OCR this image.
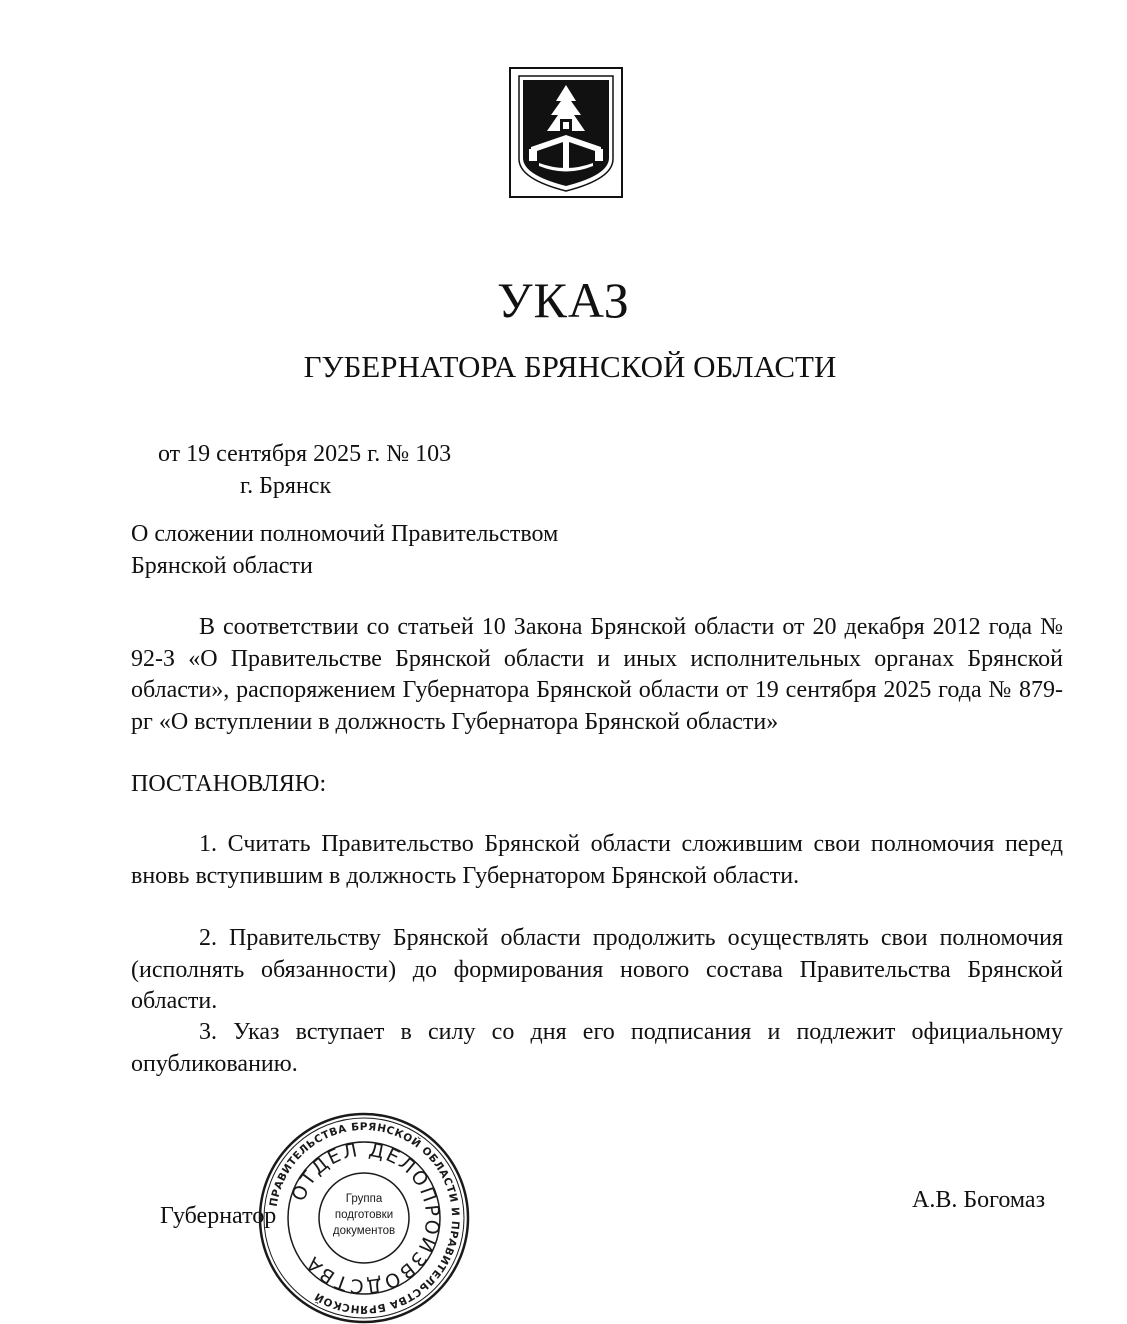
УКАЗ
ГУБЕРНАТОРА БРЯНСКОЙ ОБЛАСТИ
от 19 сентября 2025 г. № 103
г. Брянск
О сложении полномочий Правительством
Брянской области
В соответствии со статьей 10 Закона Брянской области от 20 декабря 2012 года № 92-З «О Правительстве Брянской области и иных исполнительных органах Брянской области», распоряжением Губернатора Брянской области от 19 сентября 2025 года № 879-рг «О вступлении в должность Губернатора Брянской области»
ПОСТАНОВЛЯЮ:
1. Считать Правительство Брянской области сложившим свои полномочия перед вновь вступившим в должность Губернатором Брянской области.
2. Правительству Брянской области продолжить осуществлять свои полномочия (исполнять обязанности) до формирования нового состава Правительства Брянской области.
3. Указ вступает в силу со дня его подписания и подлежит официальному опубликованию.
Губернатор
А.В. Богомаз
ПРАВИТЕЛЬСТВА БРЯНСКОЙ ОБЛАСТИ И ПРАВИТЕЛЬСТВА БРЯНСКОЙ
ОТДЕЛ ДЕЛОПРОИЗВОДСТВА
Группа
подготовки
документов
